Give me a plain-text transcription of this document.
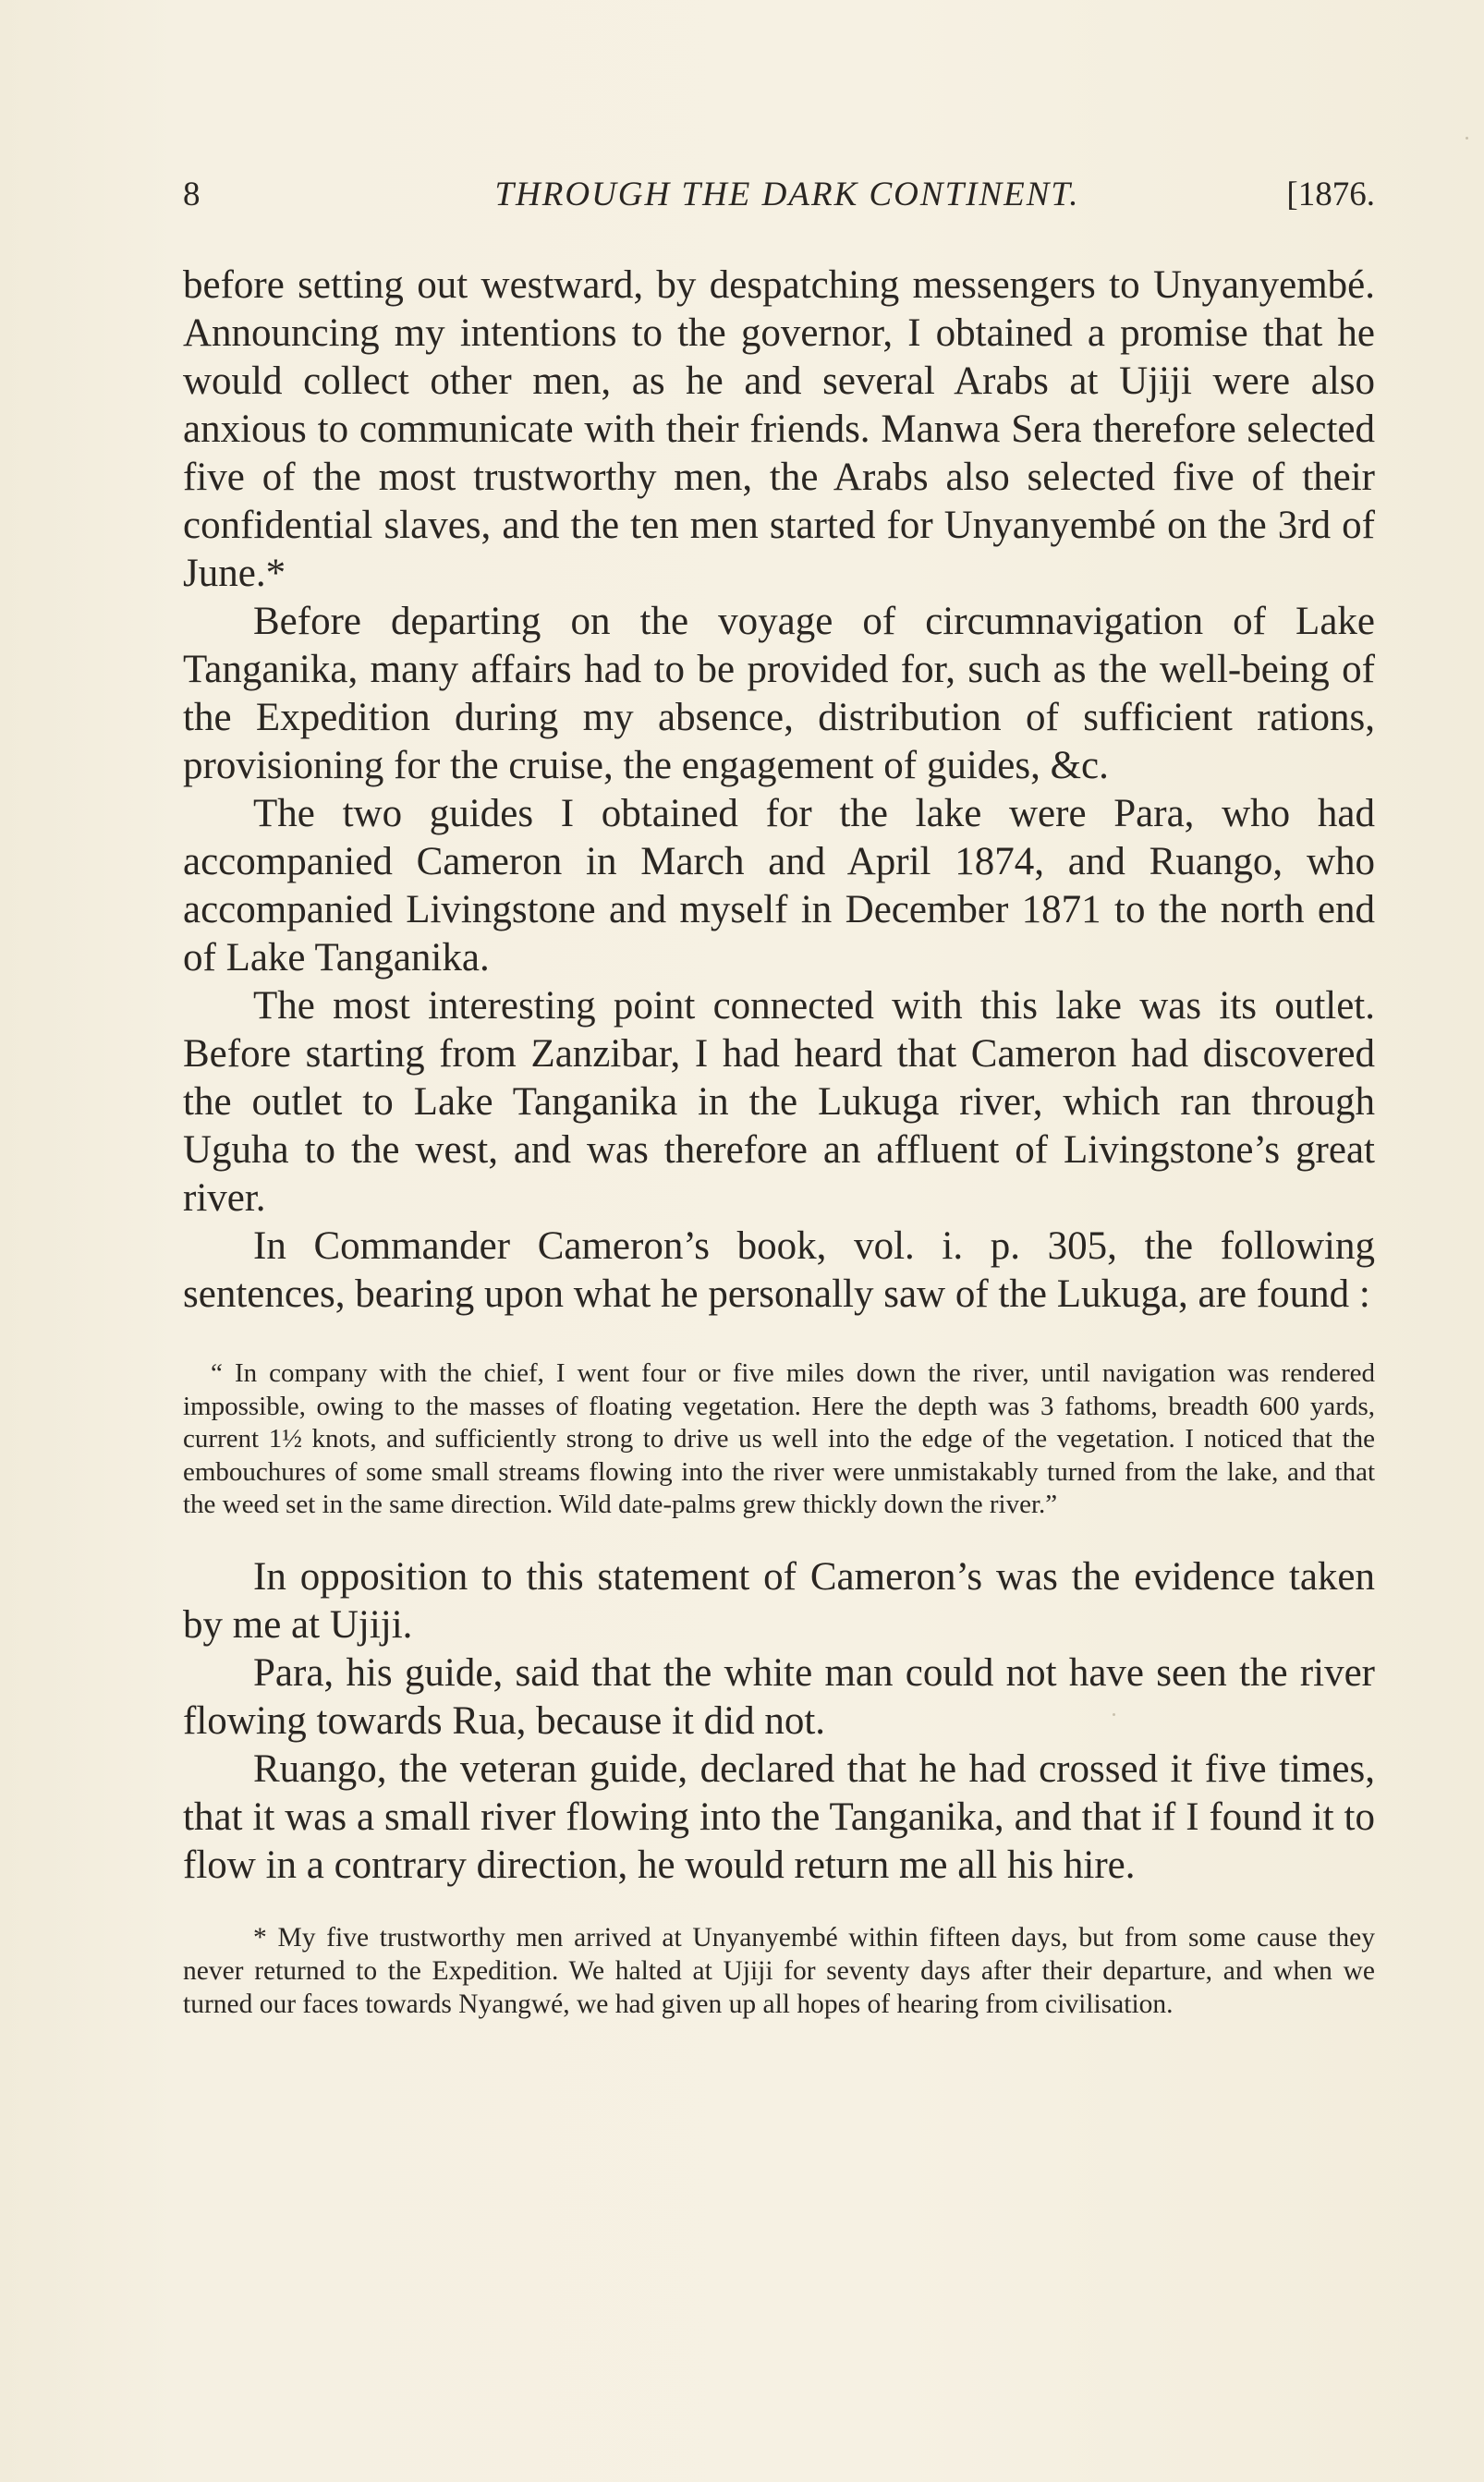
8	THROUGH THE DARK CONTINENT.	[1876.

before setting out westward, by despatching messengers to Unyanyembé. Announcing my intentions to the governor, I obtained a promise that he would collect other men, as he and several Arabs at Ujiji were also anxious to communicate with their friends. Manwa Sera therefore selected five of the most trustworthy men, the Arabs also selected five of their confidential slaves, and the ten men started for Unyanyembé on the 3rd of June.*

Before departing on the voyage of circumnavigation of Lake Tanganika, many affairs had to be provided for, such as the well-being of the Expedition during my absence, distribution of sufficient rations, provisioning for the cruise, the engagement of guides, &c.

The two guides I obtained for the lake were Para, who had accompanied Cameron in March and April 1874, and Ruango, who accompanied Livingstone and myself in December 1871 to the north end of Lake Tanganika.

The most interesting point connected with this lake was its outlet. Before starting from Zanzibar, I had heard that Cameron had discovered the outlet to Lake Tanganika in the Lukuga river, which ran through Uguha to the west, and was therefore an affluent of Livingstone’s great river.

In Commander Cameron’s book, vol. i. p. 305, the following sentences, bearing upon what he personally saw of the Lukuga, are found :

“ In company with the chief, I went four or five miles down the river, until navigation was rendered impossible, owing to the masses of floating vegetation. Here the depth was 3 fathoms, breadth 600 yards, current 1½ knots, and sufficiently strong to drive us well into the edge of the vegetation. I noticed that the embouchures of some small streams flowing into the river were unmistakably turned from the lake, and that the weed set in the same direction. Wild date-palms grew thickly down the river.”

In opposition to this statement of Cameron’s was the evidence taken by me at Ujiji.

Para, his guide, said that the white man could not have seen the river flowing towards Rua, because it did not.

Ruango, the veteran guide, declared that he had crossed it five times, that it was a small river flowing into the Tanganika, and that if I found it to flow in a contrary direction, he would return me all his hire.

* My five trustworthy men arrived at Unyanyembé within fifteen days, but from some cause they never returned to the Expedition. We halted at Ujiji for seventy days after their departure, and when we turned our faces towards Nyangwé, we had given up all hopes of hearing from civilisation.
